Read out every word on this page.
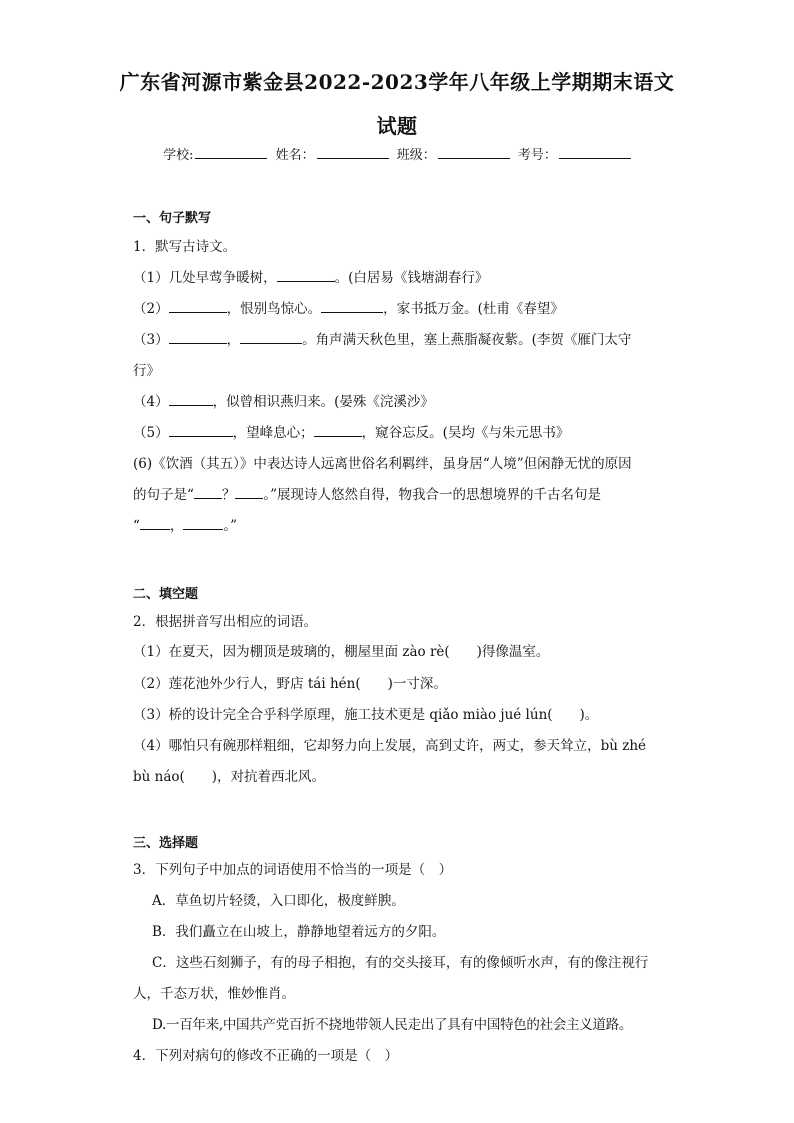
广东省河源市紫金县2022-2023学年八年级上学期期末语文
试题
学校:	姓名：	班级：	考号：
一、句子默写
1．默写古诗文。
（1）几处早莺争暖树，	。(白居易《钱塘湖春行》
（2）	，恨别鸟惊心。	，家书抵万金。(杜甫《春望》
（3）	，	。角声满天秋色里，塞上燕脂凝夜紫。(李贺《雁门太守
行》
（4）	，似曾相识燕归来。(晏殊《浣溪沙》
（5）	，望峰息心；	，窥谷忘反。(吴均《与朱元思书》
(6)《饮酒（其五）》中表达诗人远离世俗名利羁绊，虽身居“人境”但闲静无忧的原因
的句子是“ ？ 。”展现诗人悠然自得，物我合一的思想境界的千古名句是
“ ，	。”
二、填空题
2．根据拼音写出相应的词语。
（1）在夏天，因为棚顶是玻璃的，棚屋里面 zào rè(　　)得像温室。
（2）莲花池外少行人，野店 tái hén(　　)一寸深。
（3）桥的设计完全合乎科学原理，施工技术更是 qiǎo miào jué lún(　　)。
（4）哪怕只有碗那样粗细，它却努力向上发展，高到丈许，两丈，参天耸立，bù zhé
bù náo(　　)，对抗着西北风。
三、选择题
3．下列句子中加点的词语使用不恰当的一项是（　）
A．草鱼切片轻烫，入口即化，极度鲜腴。
B．我们矗立在山坡上，静静地望着远方的夕阳。
C．这些石刻狮子，有的母子相抱，有的交头接耳，有的像倾听水声，有的像注视行
人，千态万状，惟妙惟肖。
D.一百年来,中国共产党百折不挠地带领人民走出了具有中国特色的社会主义道路。
4．下列对病句的修改不正确的一项是（　）
